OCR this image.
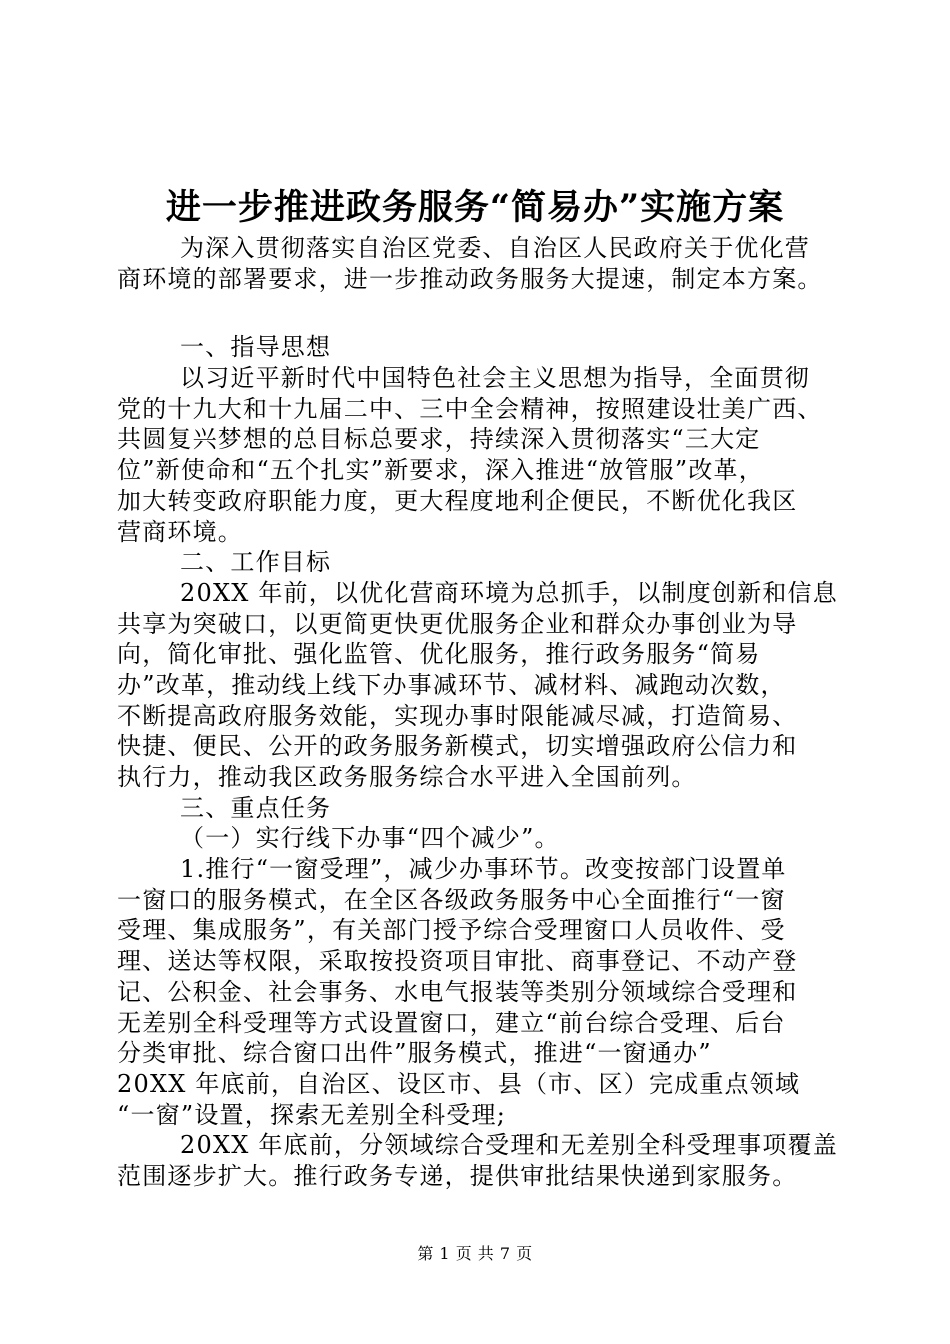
进一步推进政务服务“简易办”实施方案
为深入贯彻落实自治区党委、自治区人民政府关于优化营
商环境的部署要求，进一步推动政务服务大提速，制定本方案。
一、指导思想
以习近平新时代中国特色社会主义思想为指导，全面贯彻
党的十九大和十九届二中、三中全会精神，按照建设壮美广西、
共圆复兴梦想的总目标总要求，持续深入贯彻落实“三大定
位”新使命和“五个扎实”新要求，深入推进“放管服”改革，
加大转变政府职能力度，更大程度地利企便民，不断优化我区
营商环境。
二、工作目标
20XX 年前，以优化营商环境为总抓手，以制度创新和信息
共享为突破口，以更简更快更优服务企业和群众办事创业为导
向，简化审批、强化监管、优化服务，推行政务服务“简易
办”改革，推动线上线下办事减环节、减材料、减跑动次数，
不断提高政府服务效能，实现办事时限能减尽减，打造简易、
快捷、便民、公开的政务服务新模式，切实增强政府公信力和
执行力，推动我区政务服务综合水平进入全国前列。
三、重点任务
（一）实行线下办事“四个减少”。
1.推行“一窗受理”，减少办事环节。改变按部门设置单
一窗口的服务模式，在全区各级政务服务中心全面推行“一窗
受理、集成服务”，有关部门授予综合受理窗口人员收件、受
理、送达等权限，采取按投资项目审批、商事登记、不动产登
记、公积金、社会事务、水电气报装等类别分领域综合受理和
无差别全科受理等方式设置窗口，建立“前台综合受理、后台
分类审批、综合窗口出件”服务模式，推进“一窗通办”
20XX 年底前，自治区、设区市、县（市、区）完成重点领域
“一窗”设置，探索无差别全科受理;
20XX 年底前，分领域综合受理和无差别全科受理事项覆盖
范围逐步扩大。推行政务专递，提供审批结果快递到家服务。
第 1 页 共 7 页
